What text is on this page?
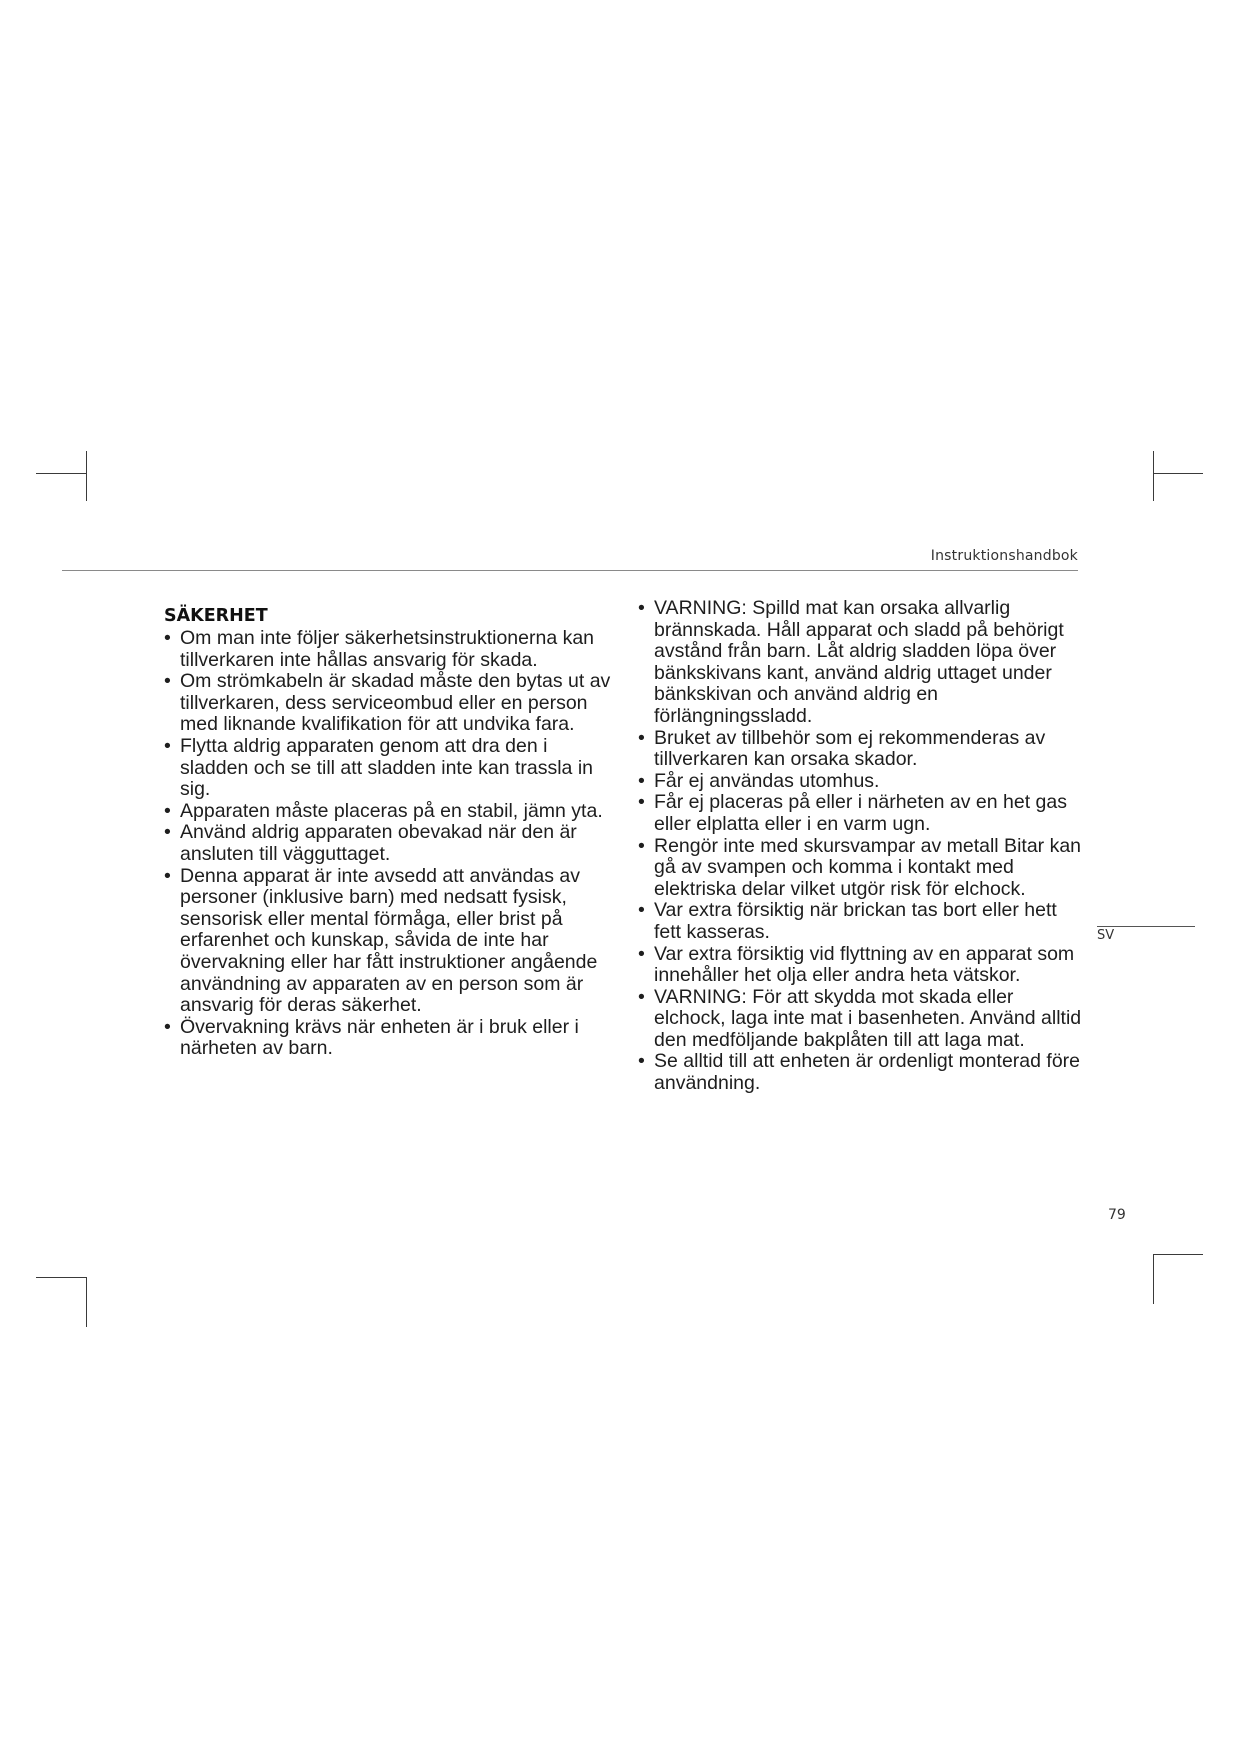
Instruktionshandbok
SÄKERHET
• Om man inte följer säkerhetsinstruktionerna kan tillverkaren inte hållas ansvarig för skada.
• Om strömkabeln är skadad måste den bytas ut av tillverkaren, dess serviceombud eller en person med liknande kvalifikation för att undvika fara.
• Flytta aldrig apparaten genom att dra den i sladden och se till att sladden inte kan trassla in sig.
• Apparaten måste placeras på en stabil, jämn yta.
• Använd aldrig apparaten obevakad när den är ansluten till vägguttaget.
• Denna apparat är inte avsedd att användas av personer (inklusive barn) med nedsatt fysisk, sensorisk eller mental förmåga, eller brist på erfarenhet och kunskap, såvida de inte har övervakning eller har fått instruktioner angående användning av apparaten av en person som är ansvarig för deras säkerhet.
• Övervakning krävs när enheten är i bruk eller i närheten av barn.
• VARNING: Spilld mat kan orsaka allvarlig brännskada. Håll apparat och sladd på behörigt avstånd från barn. Låt aldrig sladden löpa över bänkskivans kant, använd aldrig uttaget under bänkskivan och använd aldrig en förlängningssladd.
• Bruket av tillbehör som ej rekommenderas av tillverkaren kan orsaka skador.
• Får ej användas utomhus.
• Får ej placeras på eller i närheten av en het gas eller elplatta eller i en varm ugn.
• Rengör inte med skursvampar av metall Bitar kan gå av svampen och komma i kontakt med elektriska delar vilket utgör risk för elchock.
• Var extra försiktig när brickan tas bort eller hett fett kasseras.
• Var extra försiktig vid flyttning av en apparat som innehåller het olja eller andra heta vätskor.
• VARNING: För att skydda mot skada eller elchock, laga inte mat i basenheten. Använd alltid den medföljande bakplåten till att laga mat.
• Se alltid till att enheten är ordenligt monterad före användning.
SV
79
